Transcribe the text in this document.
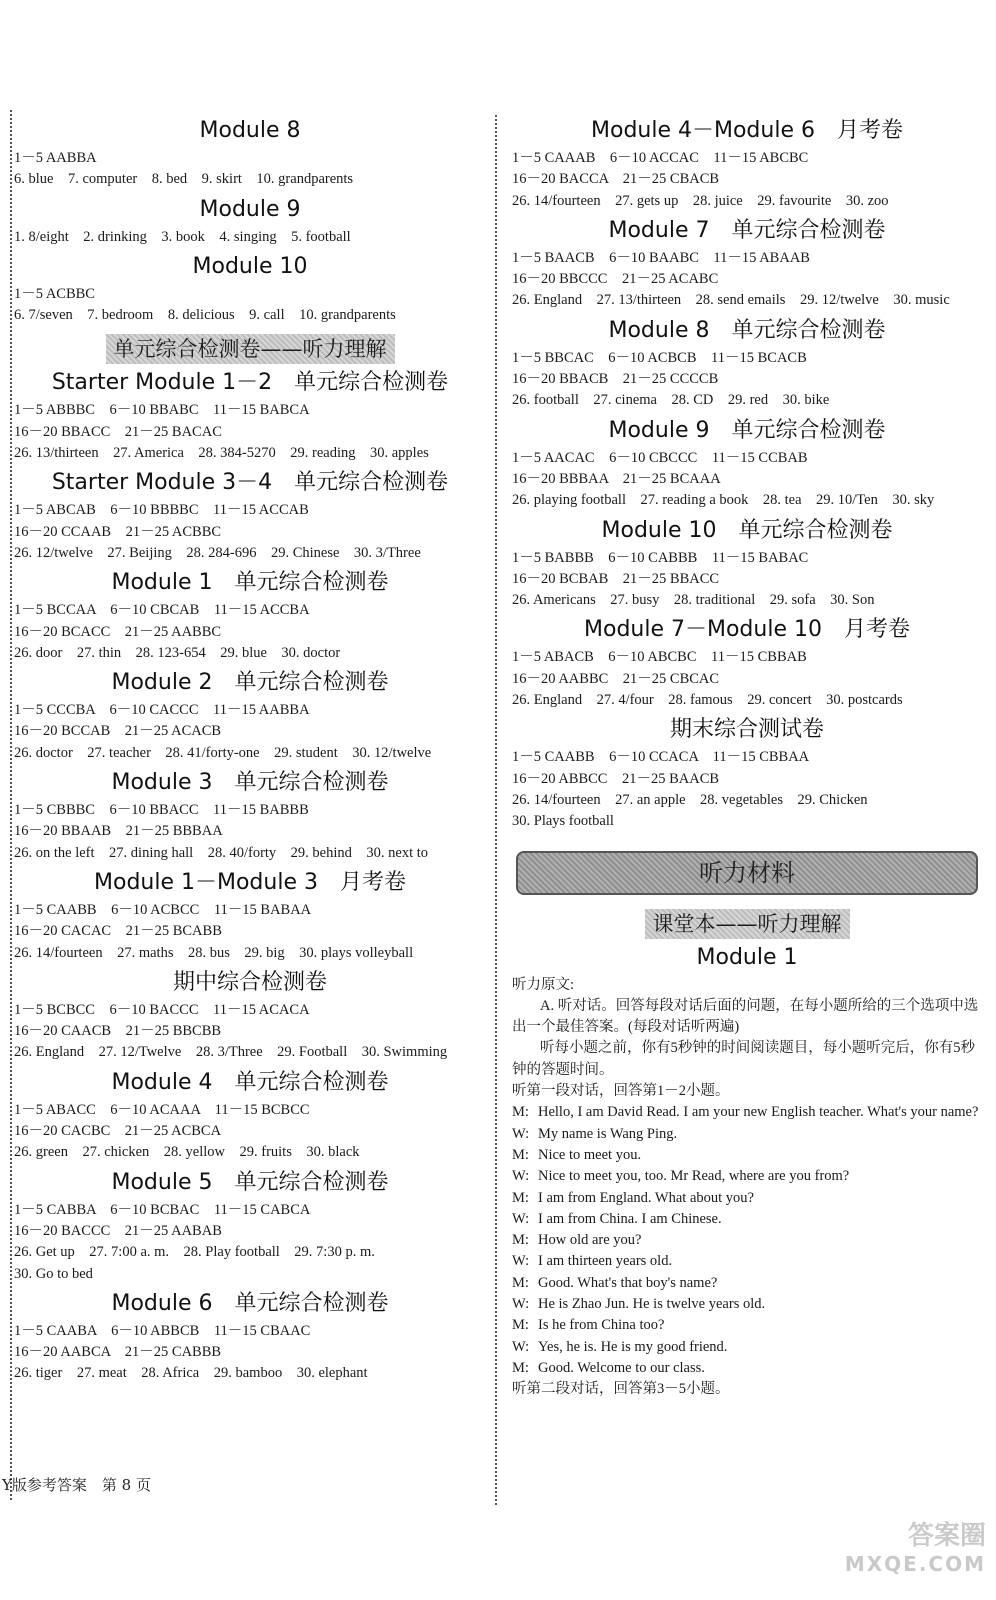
Module 8
1－5 AABBA
6. blue　7. computer　8. bed　9. skirt　10. grandparents
Module 9
1. 8/eight　2. drinking　3. book　4. singing　5. football
Module 10
1－5 ACBBC
6. 7/seven　7. bedroom　8. delicious　9. call　10. grandparents
单元综合检测卷——听力理解
Starter Module 1－2 单元综合检测卷
1－5 ABBBC　6－10 BBABC　11－15 BABCA
16－20 BBACC　21－25 BACAC
26. 13/thirteen　27. America　28. 384-5270　29. reading　30. apples
Starter Module 3－4 单元综合检测卷
1－5 ABCAB　6－10 BBBBC　11－15 ACCAB
16－20 CCAAB　21－25 ACBBC
26. 12/twelve　27. Beijing　28. 284-696　29. Chinese　30. 3/Three
Module 1 单元综合检测卷
1－5 BCCAA　6－10 CBCAB　11－15 ACCBA
16－20 BCACC　21－25 AABBC
26. door　27. thin　28. 123-654　29. blue　30. doctor
Module 2 单元综合检测卷
1－5 CCCBA　6－10 CACCC　11－15 AABBA
16－20 BCCAB　21－25 ACACB
26. doctor　27. teacher　28. 41/forty-one　29. student　30. 12/twelve
Module 3 单元综合检测卷
1－5 CBBBC　6－10 BBACC　11－15 BABBB
16－20 BBAAB　21－25 BBBAA
26. on the left　27. dining hall　28. 40/forty　29. behind　30. next to
Module 1－Module 3 月考卷
1－5 CAABB　6－10 ACBCC　11－15 BABAA
16－20 CACAC　21－25 BCABB
26. 14/fourteen　27. maths　28. bus　29. big　30. plays volleyball
期中综合检测卷
1－5 BCBCC　6－10 BACCC　11－15 ACACA
16－20 CAACB　21－25 BBCBB
26. England　27. 12/Twelve　28. 3/Three　29. Football　30. Swimming
Module 4 单元综合检测卷
1－5 ABACC　6－10 ACAAA　11－15 BCBCC
16－20 CACBC　21－25 ACBCA
26. green　27. chicken　28. yellow　29. fruits　30. black
Module 5 单元综合检测卷
1－5 CABBA　6－10 BCBAC　11－15 CABCA
16－20 BACCC　21－25 AABAB
26. Get up　27. 7:00 a. m.　28. Play football　29. 7:30 p. m.
30. Go to bed
Module 6 单元综合检测卷
1－5 CAABA　6－10 ABBCB　11－15 CBAAC
16－20 AABCA　21－25 CABBB
26. tiger　27. meat　28. Africa　29. bamboo　30. elephant
Module 4－Module 6 月考卷
1－5 CAAAB　6－10 ACCAC　11－15 ABCBC
16－20 BACCA　21－25 CBACB
26. 14/fourteen　27. gets up　28. juice　29. favourite　30. zoo
Module 7 单元综合检测卷
1－5 BAACB　6－10 BAABC　11－15 ABAAB
16－20 BBCCC　21－25 ACABC
26. England　27. 13/thirteen　28. send emails　29. 12/twelve　30. music
Module 8 单元综合检测卷
1－5 BBCAC　6－10 ACBCB　11－15 BCACB
16－20 BBACB　21－25 CCCCB
26. football　27. cinema　28. CD　29. red　30. bike
Module 9 单元综合检测卷
1－5 AACAC　6－10 CBCCC　11－15 CCBAB
16－20 BBBAA　21－25 BCAAA
26. playing football　27. reading a book　28. tea　29. 10/Ten　30. sky
Module 10 单元综合检测卷
1－5 BABBB　6－10 CABBB　11－15 BABAC
16－20 BCBAB　21－25 BBACC
26. Americans　27. busy　28. traditional　29. sofa　30. Son
Module 7－Module 10 月考卷
1－5 ABACB　6－10 ABCBC　11－15 CBBAB
16－20 AABBC　21－25 CBCAC
26. England　27. 4/four　28. famous　29. concert　30. postcards
期末综合测试卷
1－5 CAABB　6－10 CCACA　11－15 CBBAA
16－20 ABBCC　21－25 BAACB
26. 14/fourteen　27. an apple　28. vegetables　29. Chicken
30. Plays football
听力材料
课堂本——听力理解
Module 1
听力原文:
A. 听对话。回答每段对话后面的问题，在每小题所给的三个选项中选出一个最佳答案。(每段对话听两遍)
听每小题之前，你有5秒钟的时间阅读题目，每小题听完后，你有5秒钟的答题时间。
听第一段对话，回答第1－2小题。
M: Hello, I am David Read. I am your new English teacher. What's your name?
W: My name is Wang Ping.
M: Nice to meet you.
W: Nice to meet you, too. Mr Read, where are you from?
M: I am from England. What about you?
W: I am from China. I am Chinese.
M: How old are you?
W: I am thirteen years old.
M: Good. What's that boy's name?
W: He is Zhao Jun. He is twelve years old.
M: Is he from China too?
W: Yes, he is. He is my good friend.
M: Good. Welcome to our class.
听第二段对话，回答第3－5小题。
Y版参考答案　第 8 页
答案圈
MXQE.COM
